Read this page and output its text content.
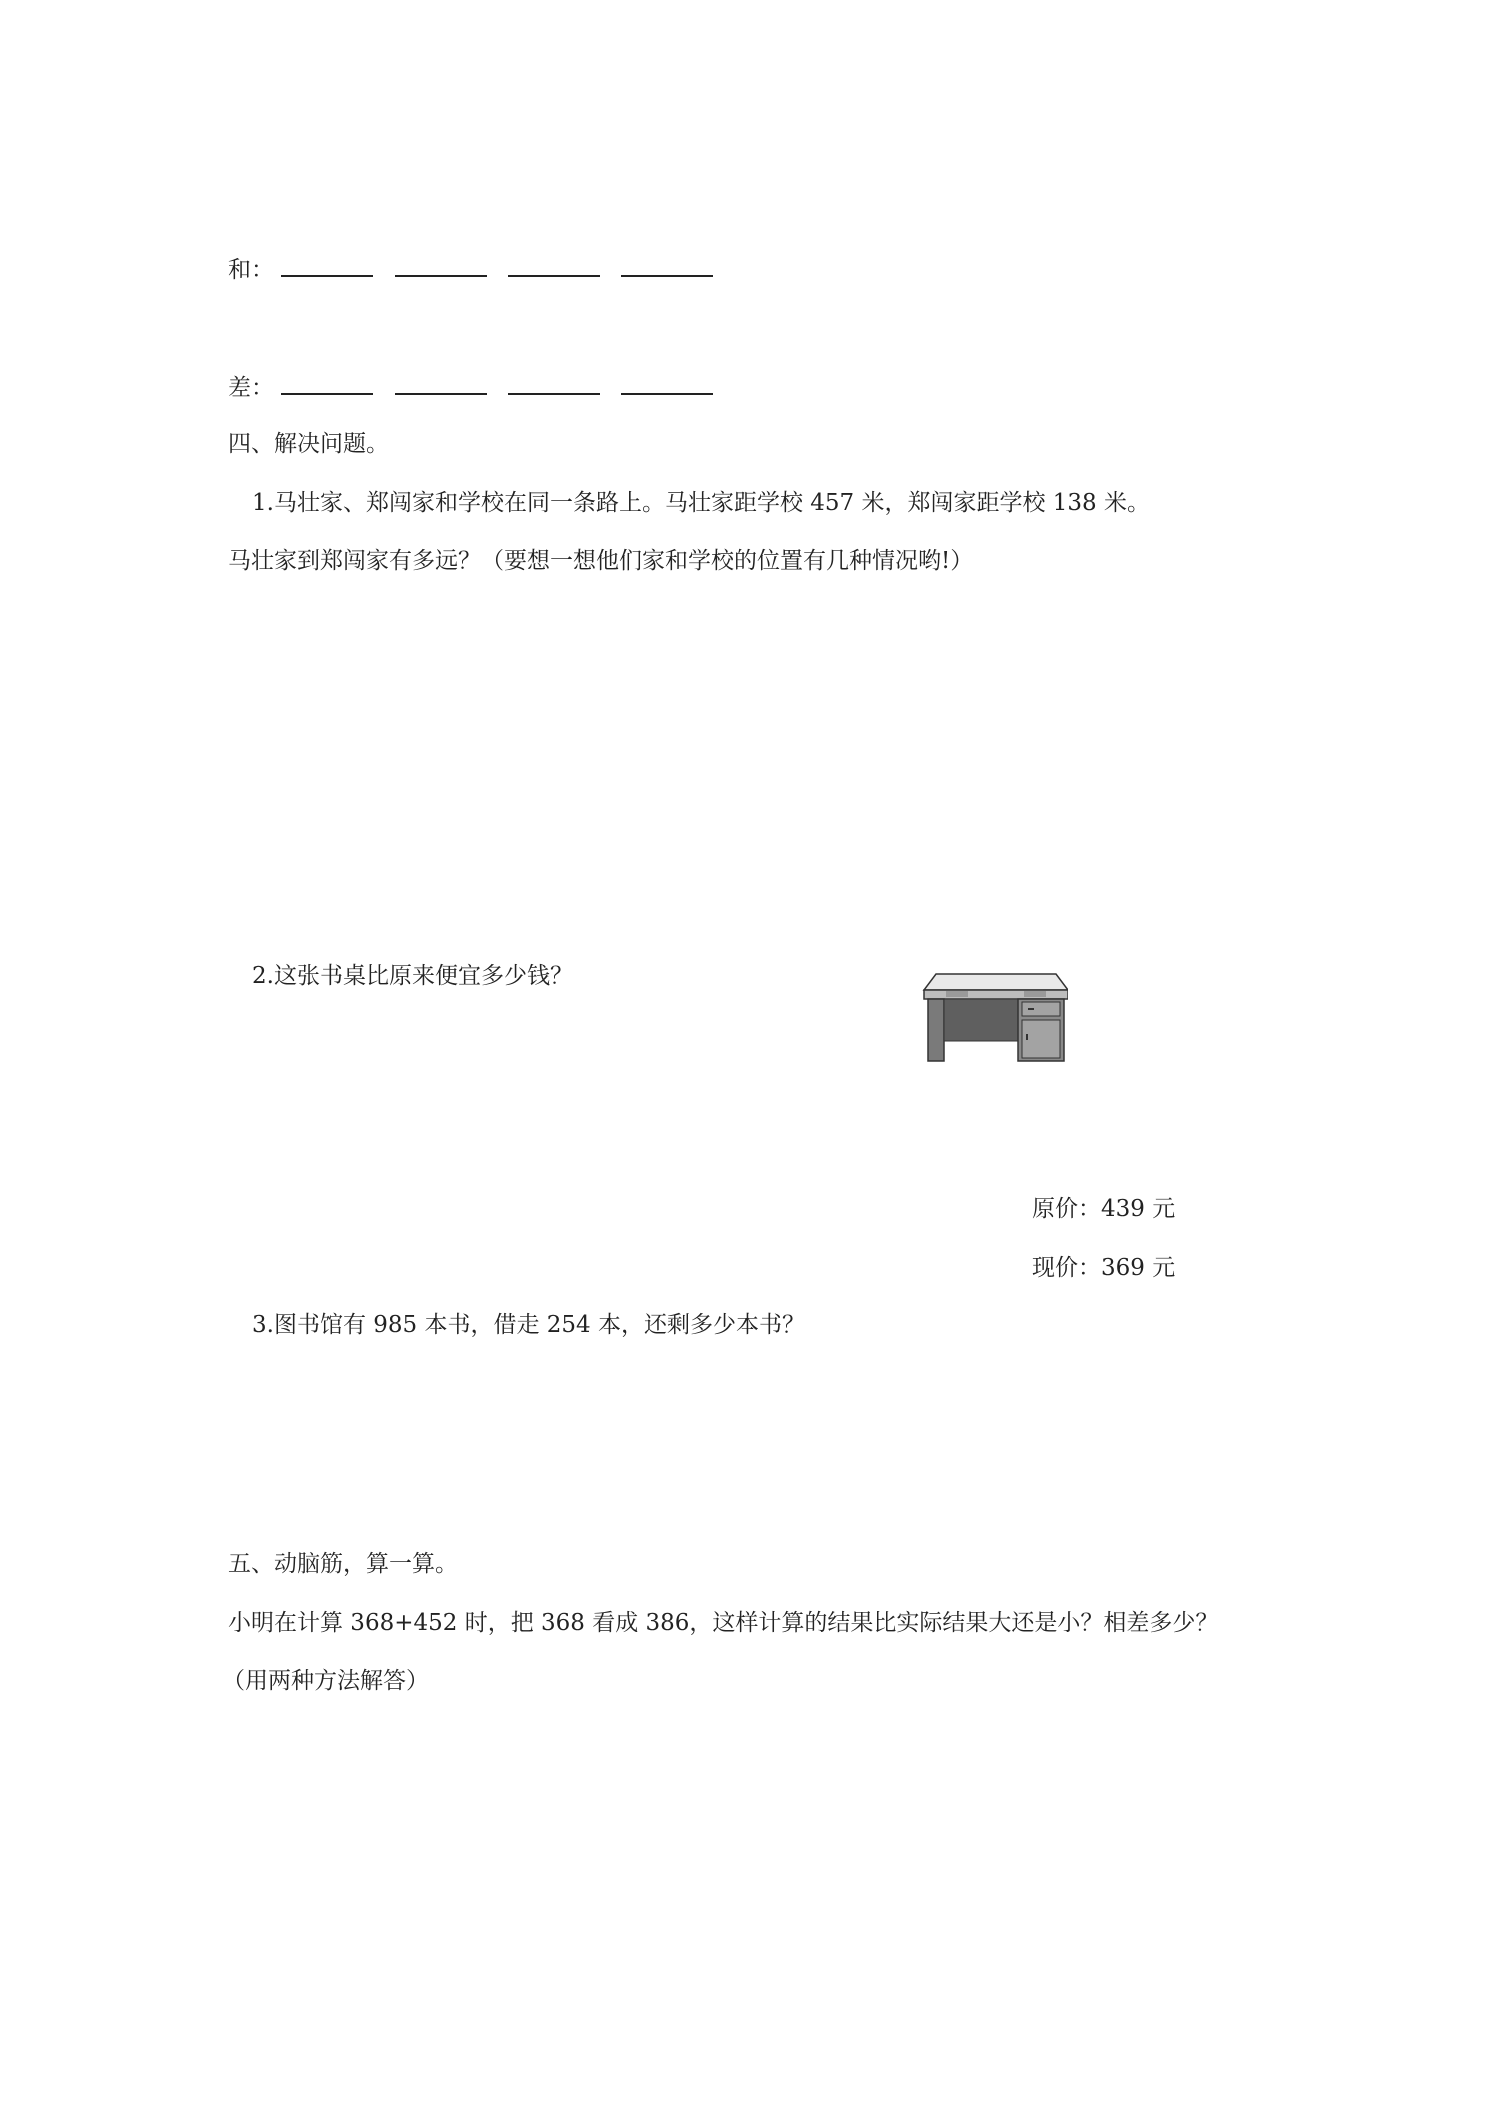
和：
差：
四、解决问题。
1.马壮家、郑闯家和学校在同一条路上。马壮家距学校 457 米，郑闯家距学校 138 米。
马壮家到郑闯家有多远？（要想一想他们家和学校的位置有几种情况哟!）
2.这张书桌比原来便宜多少钱？
原价：439 元
现价：369 元
3.图书馆有 985 本书，借走 254 本，还剩多少本书？
五、动脑筋，算一算。
小明在计算 368+452 时，把 368 看成 386，这样计算的结果比实际结果大还是小？相差多少？
（用两种方法解答）
